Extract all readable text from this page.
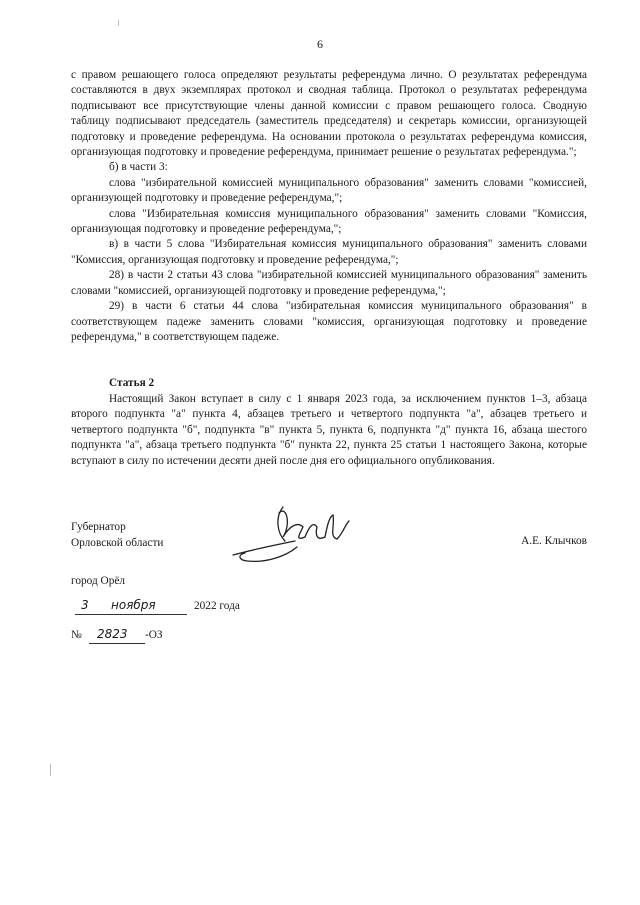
6

с правом решающего голоса определяют результаты референдума лично. О результатах референдума составляются в двух экземплярах протокол и сводная таблица. Протокол о результатах референдума подписывают все присутствующие члены данной комиссии с правом решающего голоса. Сводную таблицу подписывают председатель (заместитель председателя) и секретарь комиссии, организующей подготовку и проведение референдума. На основании протокола о результатах референдума комиссия, организующая подготовку и проведение референдума, принимает решение о результатах референдума.";

б) в части 3:

слова "избирательной комиссией муниципального образования" заменить словами "комиссией, организующей подготовку и проведение референдума,";

слова "Избирательная комиссия муниципального образования" заменить словами "Комиссия, организующая подготовку и проведение референдума,";

в) в части 5 слова "Избирательная комиссия муниципального образования" заменить словами "Комиссия, организующая подготовку и проведение референдума,";

28) в части 2 статьи 43 слова "избирательной комиссией муниципального образования" заменить словами "комиссией, организующей подготовку и проведение референдума,";

29) в части 6 статьи 44 слова "избирательная комиссия муниципального образования" в соответствующем падеже заменить словами "комиссия, организующая подготовку и проведение референдума," в соответствующем падеже.

Статья 2
Настоящий Закон вступает в силу с 1 января 2023 года, за исключением пунктов 1–3, абзаца второго подпункта "а" пункта 4, абзацев третьего и четвертого подпункта "а", абзацев третьего и четвертого подпункта "б", подпункта "в" пункта 5, пункта 6, подпункта "д" пункта 16, абзаца шестого подпункта "а", абзаца третьего подпункта "б" пункта 22, пункта 25 статьи 1 настоящего Закона, которые вступают в силу по истечении десяти дней после дня его официального опубликования.
Губернатор
Орловской области	А.Е. Клычков
город Орёл
3 ноября	2022 года
№ 2823 -ОЗ
